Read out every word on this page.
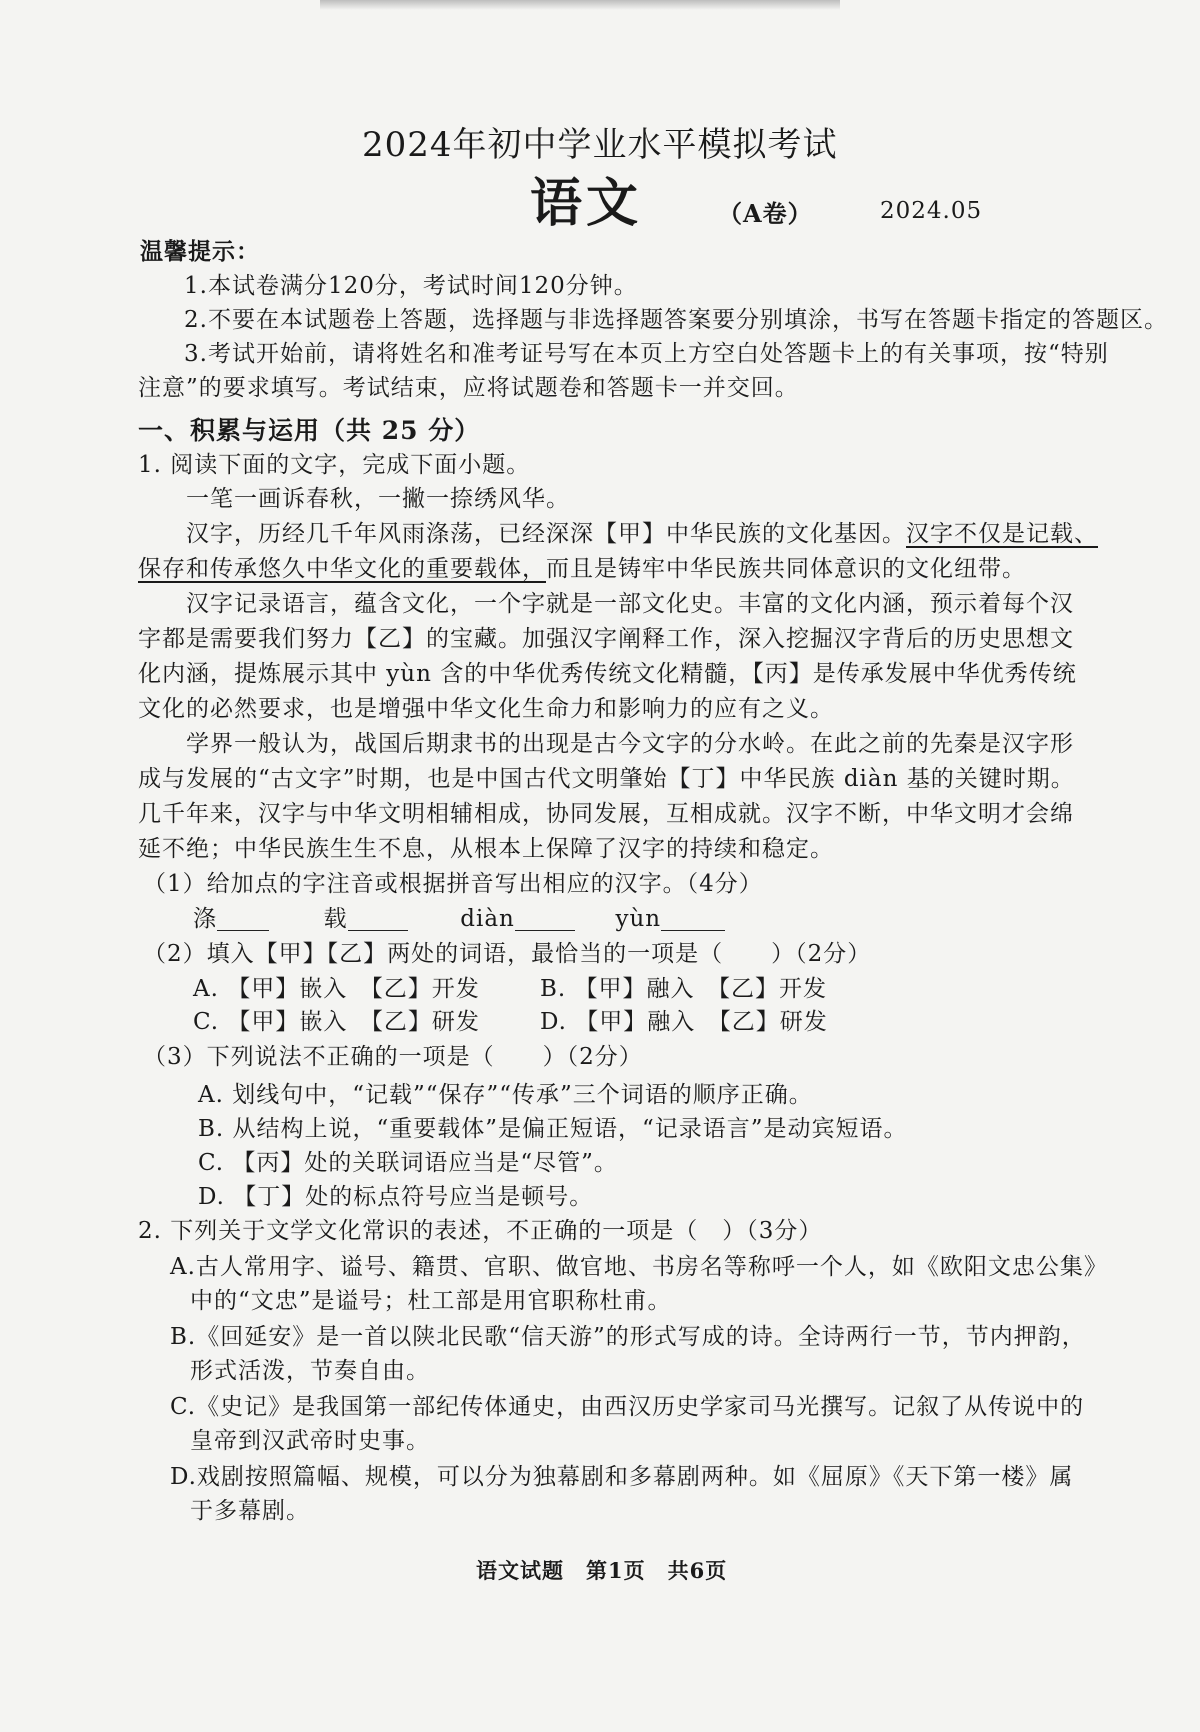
2024年初中学业水平模拟考试
语文	（A卷）	2024.05
温馨提示：
1.本试卷满分120分，考试时间120分钟。
2.不要在本试题卷上答题，选择题与非选择题答案要分别填涂，书写在答题卡指定的答题区。
3.考试开始前，请将姓名和准考证号写在本页上方空白处答题卡上的有关事项，按“特别
注意”的要求填写。考试结束，应将试题卷和答题卡一并交回。
一、积累与运用（共 25 分）
1. 阅读下面的文字，完成下面小题。
一笔一画诉春秋，一撇一捺绣风华。
汉字，历经几千年风雨涤荡，已经深深【甲】中华民族的文化基因。汉字不仅是记载、
保存和传承悠久中华文化的重要载体，而且是铸牢中华民族共同体意识的文化纽带。
汉字记录语言，蕴含文化，一个字就是一部文化史。丰富的文化内涵，预示着每个汉
字都是需要我们努力【乙】的宝藏。加强汉字阐释工作，深入挖掘汉字背后的历史思想文
化内涵，提炼展示其中 yùn 含的中华优秀传统文化精髓，【丙】是传承发展中华优秀传统
文化的必然要求，也是增强中华文化生命力和影响力的应有之义。
学界一般认为，战国后期隶书的出现是古今文字的分水岭。在此之前的先秦是汉字形
成与发展的“古文字”时期，也是中国古代文明肇始【丁】中华民族 diàn 基的关键时期。
几千年来，汉字与中华文明相辅相成，协同发展，互相成就。汉字不断，中华文明才会绵
延不绝；中华民族生生不息，从根本上保障了汉字的持续和稳定。
（1）给加点的字注音或根据拼音写出相应的汉字。（4分）
涤	载	diàn	yùn
（2）填入【甲】【乙】两处的词语，最恰当的一项是（　　）（2分）
A. 【甲】嵌入　【乙】开发	B. 【甲】融入　【乙】开发
C. 【甲】嵌入　【乙】研发	D. 【甲】融入　【乙】研发
（3）下列说法不正确的一项是（　　）（2分）
A. 划线句中，“记载”“保存”“传承”三个词语的顺序正确。
B. 从结构上说，“重要载体”是偏正短语，“记录语言”是动宾短语。
C. 【丙】处的关联词语应当是“尽管”。
D. 【丁】处的标点符号应当是顿号。
2. 下列关于文学文化常识的表述，不正确的一项是（　）（3分）
A.古人常用字、谥号、籍贯、官职、做官地、书房名等称呼一个人，如《欧阳文忠公集》
中的“文忠”是谥号；杜工部是用官职称杜甫。
B.《回延安》是一首以陕北民歌“信天游”的形式写成的诗。全诗两行一节，节内押韵，
形式活泼，节奏自由。
C.《史记》是我国第一部纪传体通史，由西汉历史学家司马光撰写。记叙了从传说中的
皇帝到汉武帝时史事。
D.戏剧按照篇幅、规模，可以分为独幕剧和多幕剧两种。如《屈原》《天下第一楼》属
于多幕剧。
语文试题　第1页　共6页
